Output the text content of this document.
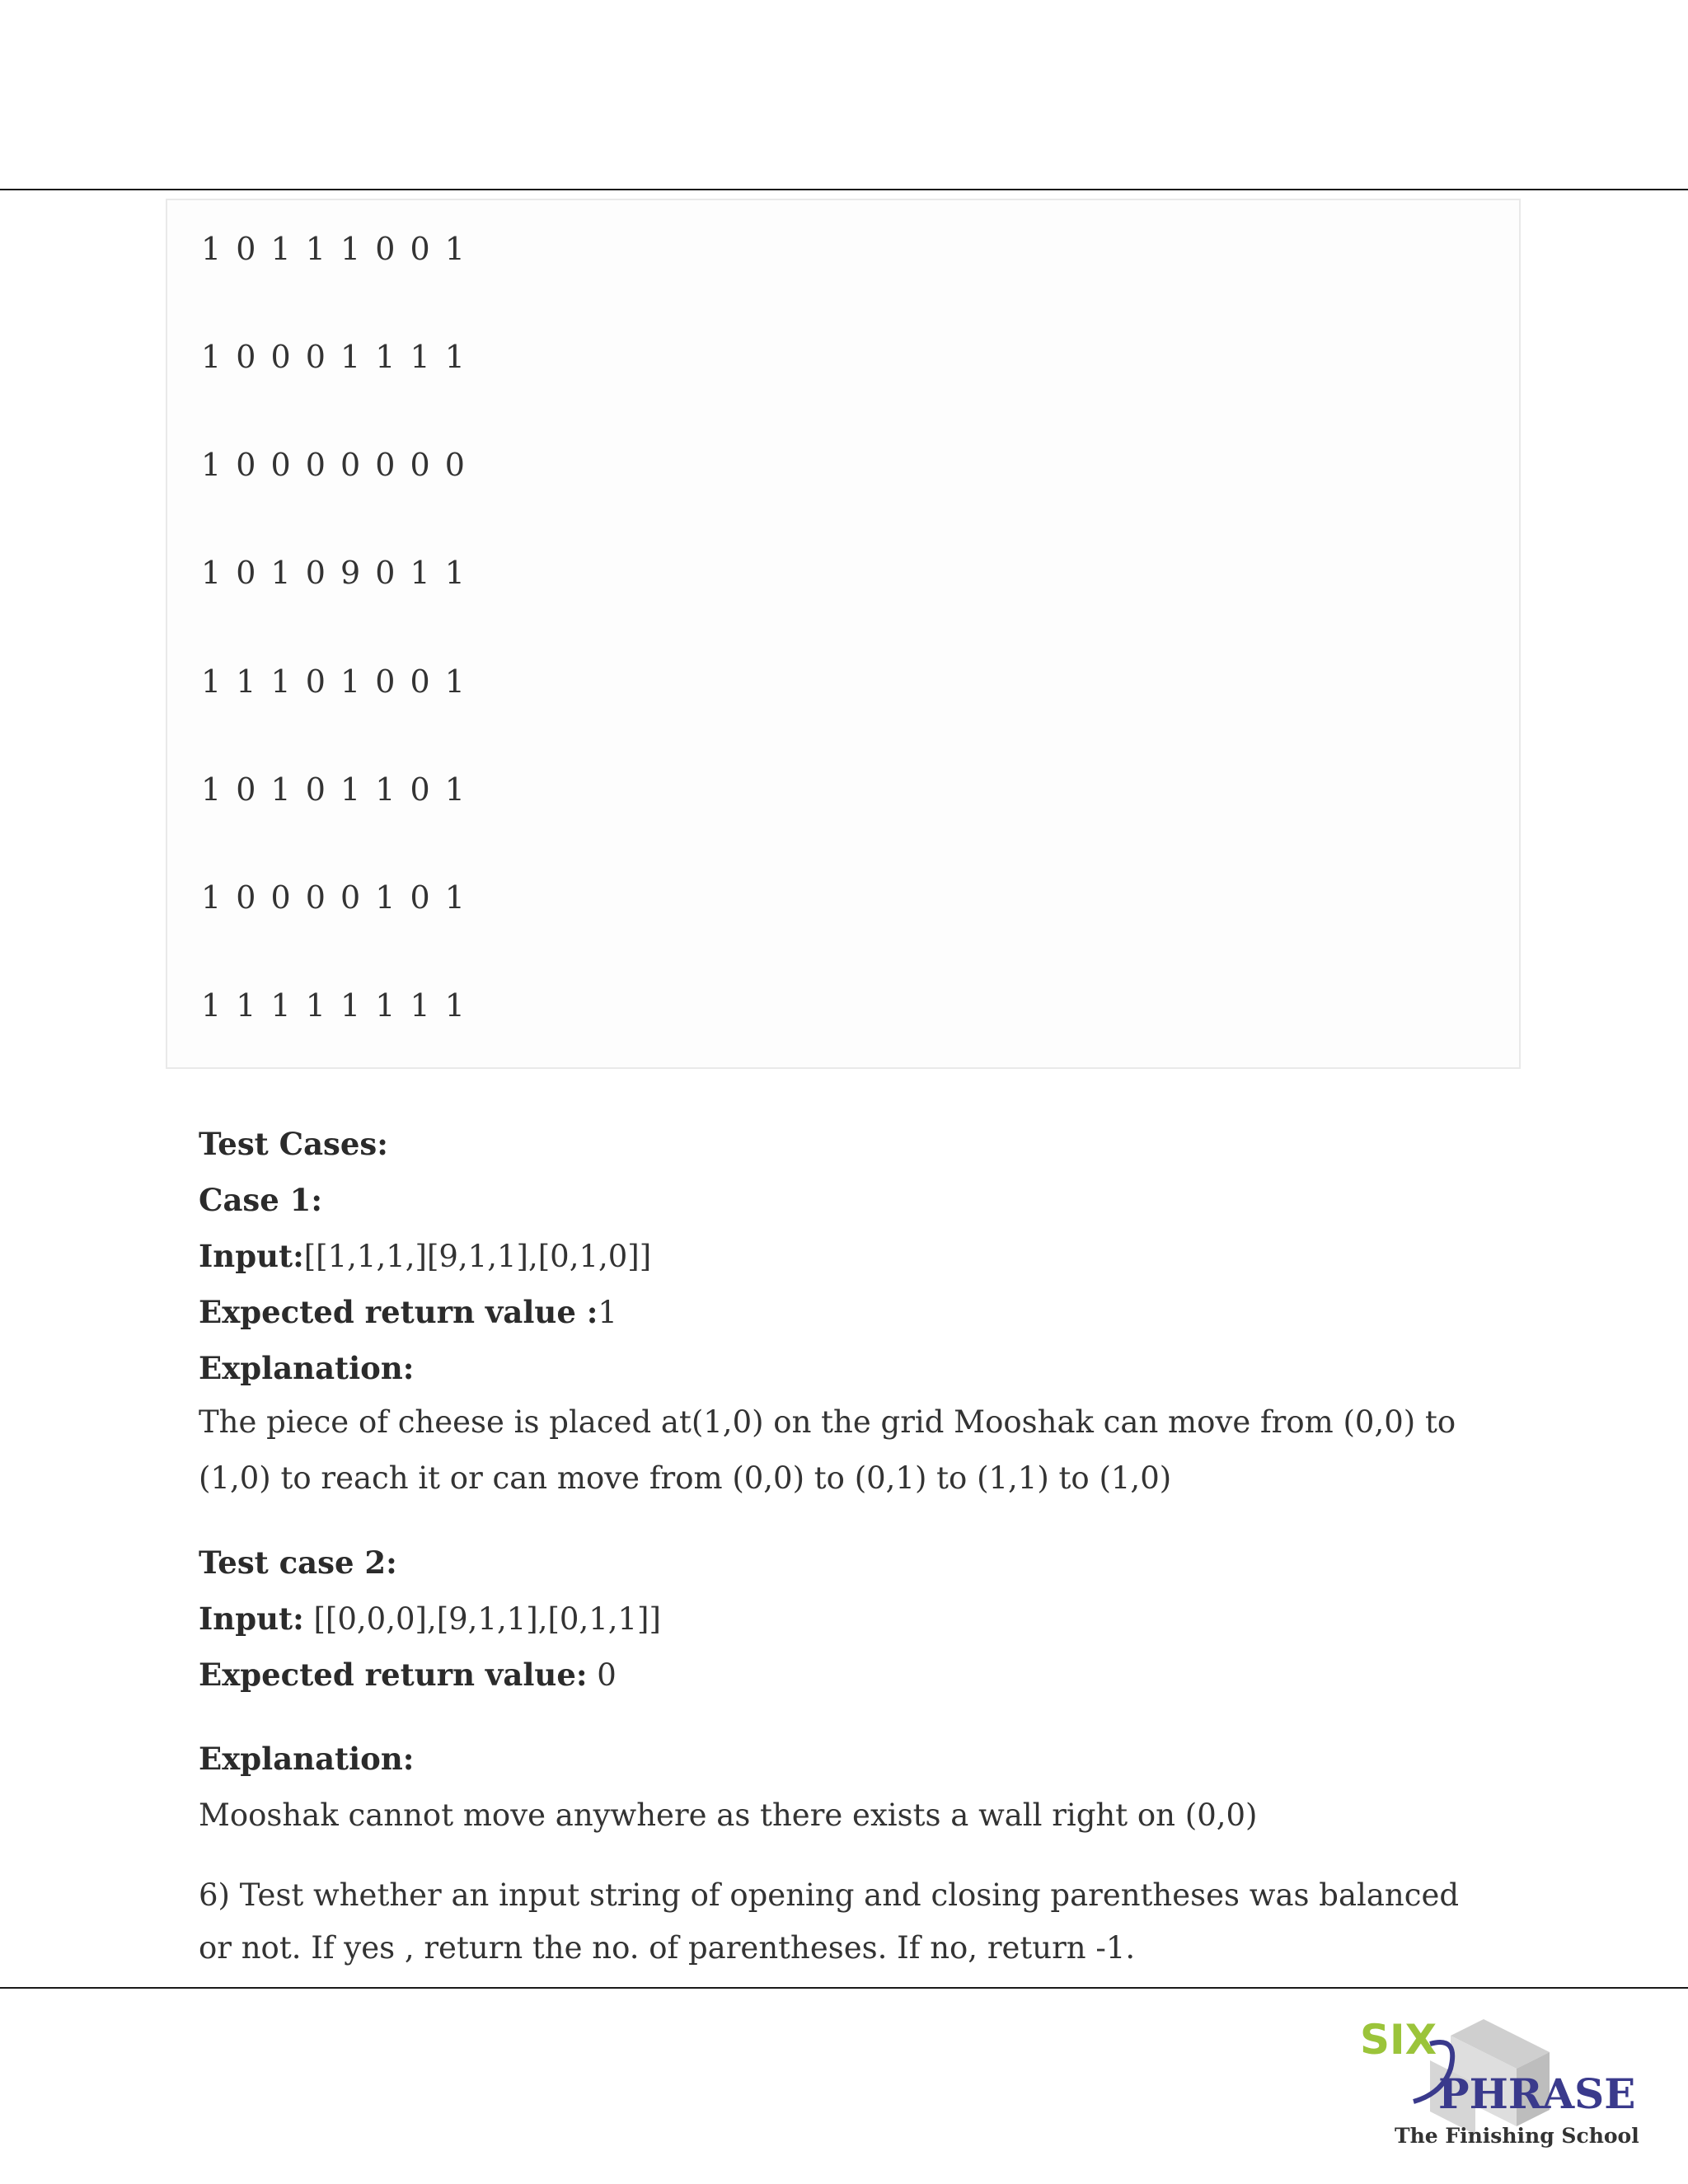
1 0 1 1 1 0 0 1
1 0 0 0 1 1 1 1
1 0 0 0 0 0 0 0
1 0 1 0 9 0 1 1
1 1 1 0 1 0 0 1
1 0 1 0 1 1 0 1
1 0 0 0 0 1 0 1
1 1 1 1 1 1 1 1
Test Cases:
Case 1:
Input:[[1,1,1,][9,1,1],[0,1,0]]
Expected return value :1
Explanation:
The piece of cheese is placed at(1,0) on the grid Mooshak can move from (0,0) to (1,0) to reach it or can move from (0,0) to (0,1) to (1,1) to (1,0)
Test case 2:
Input: [[0,0,0],[9,1,1],[0,1,1]]
Expected return value: 0
Explanation:
Mooshak cannot move anywhere as there exists a wall right on (0,0)
6) Test whether an input string of opening and closing parentheses was balanced or not. If yes , return the no. of parentheses. If no, return -1.
SIX
PHRASE
The Finishing School
